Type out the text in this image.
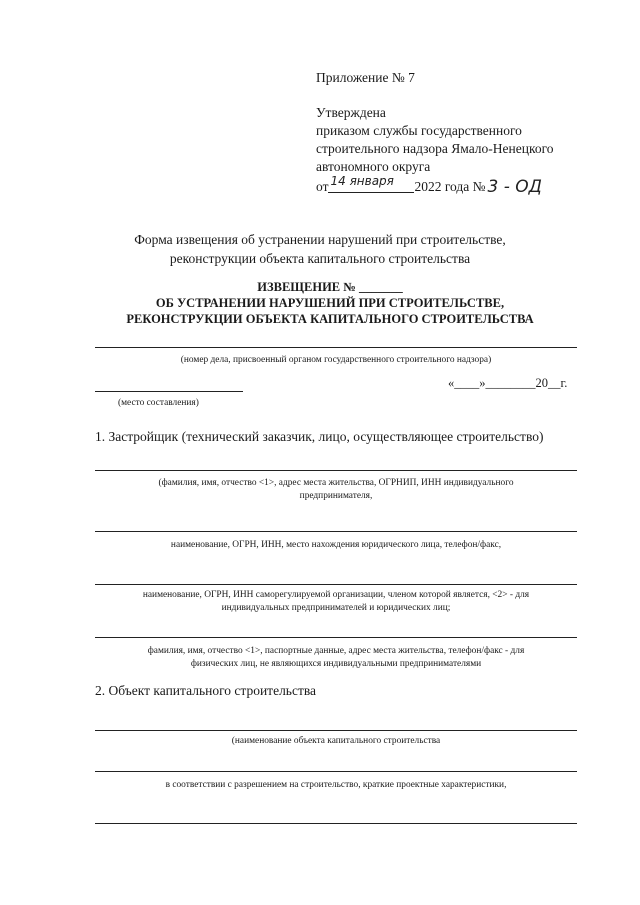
Приложение № 7
Утверждена
приказом службы государственного
строительного надзора Ямало-Ненецкого
автономного округа
от 14 января 2022 года № 3 - ОД
Форма извещения об устранении нарушений при строительстве,
реконструкции объекта капитального строительства
ИЗВЕЩЕНИЕ № _______
ОБ УСТРАНЕНИИ НАРУШЕНИЙ ПРИ СТРОИТЕЛЬСТВЕ,
РЕКОНСТРУКЦИИ ОБЪЕКТА КАПИТАЛЬНОГО СТРОИТЕЛЬСТВА
(номер дела, присвоенный органом государственного строительного надзора)
«____»________20__г.
(место составления)
1. Застройщик (технический заказчик, лицо, осуществляющее строительство)
(фамилия, имя, отчество <1>, адрес места жительства, ОГРНИП, ИНН индивидуального
предпринимателя,
наименование, ОГРН, ИНН, место нахождения юридического лица, телефон/факс,
наименование, ОГРН, ИНН саморегулируемой организации, членом которой является, <2> - для
индивидуальных предпринимателей и юридических лиц;
фамилия, имя, отчество <1>, паспортные данные, адрес места жительства, телефон/факс - для
физических лиц, не являющихся индивидуальными предпринимателями
2. Объект капитального строительства
(наименование объекта капитального строительства
в соответствии с разрешением на строительство, краткие проектные характеристики,
